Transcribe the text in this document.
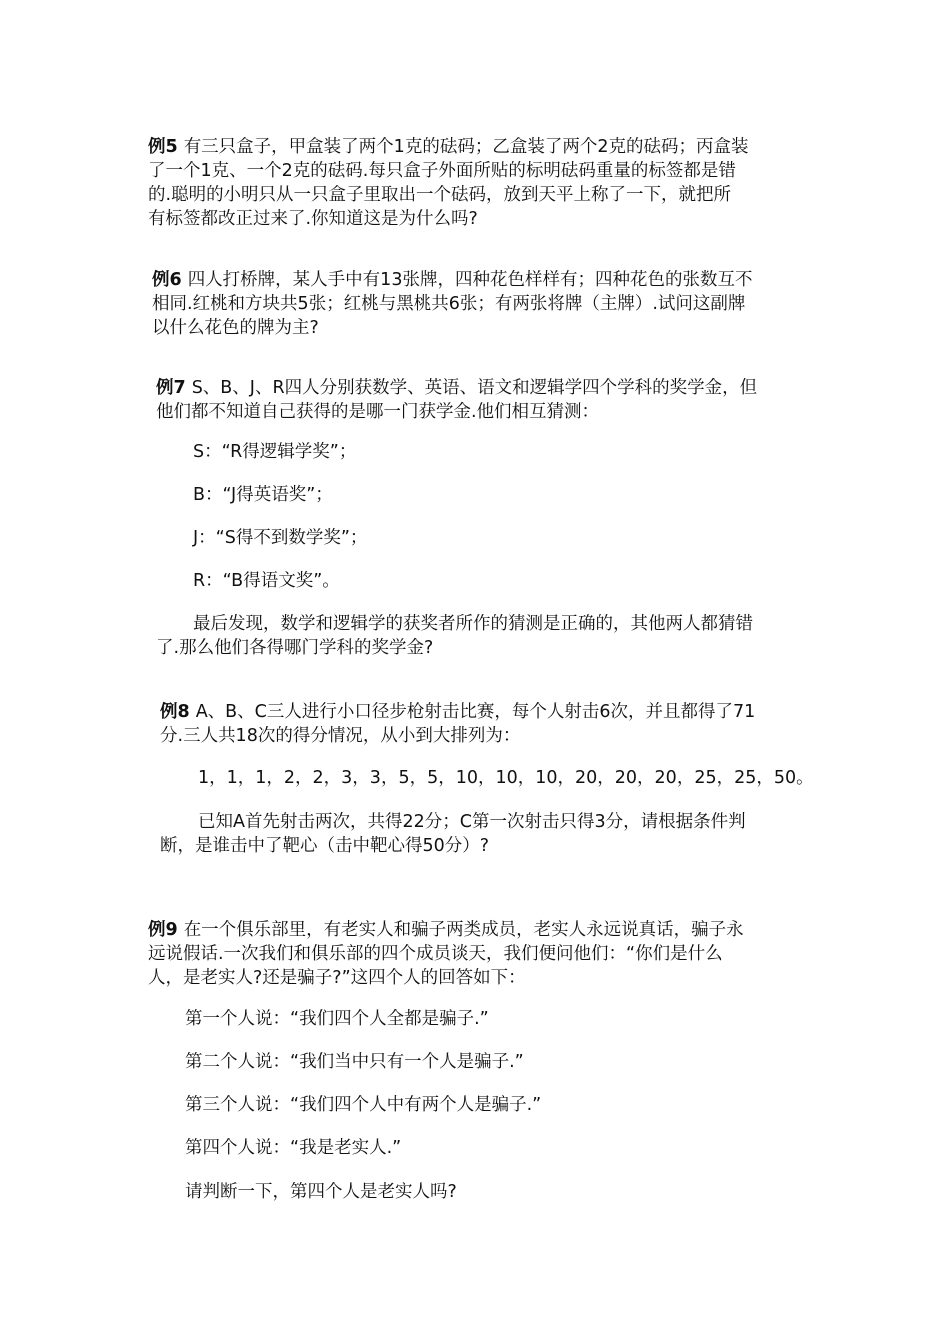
例5 有三只盒子，甲盒装了两个1克的砝码；乙盒装了两个2克的砝码；丙盒装
了一个1克、一个2克的砝码.每只盒子外面所贴的标明砝码重量的标签都是错
的.聪明的小明只从一只盒子里取出一个砝码，放到天平上称了一下，就把所
有标签都改正过来了.你知道这是为什么吗?
例6 四人打桥牌，某人手中有13张牌，四种花色样样有；四种花色的张数互不
相同.红桃和方块共5张；红桃与黑桃共6张；有两张将牌（主牌）.试问这副牌
以什么花色的牌为主?
例7 S、B、J、R四人分别获数学、英语、语文和逻辑学四个学科的奖学金，但
他们都不知道自己获得的是哪一门获学金.他们相互猜测：
S：“R得逻辑学奖”；
B：“J得英语奖”；
J：“S得不到数学奖”；
R：“B得语文奖”。
最后发现，数学和逻辑学的获奖者所作的猜测是正确的，其他两人都猜错
了.那么他们各得哪门学科的奖学金?
例8 A、B、C三人进行小口径步枪射击比赛，每个人射击6次，并且都得了71
分.三人共18次的得分情况，从小到大排列为：
1，1，1，2，2，3，3，5，5，10，10，10，20，20，20，25，25，50。
已知A首先射击两次，共得22分；C第一次射击只得3分，请根据条件判
断，是谁击中了靶心（击中靶心得50分）?
例9 在一个俱乐部里，有老实人和骗子两类成员，老实人永远说真话，骗子永
远说假话.一次我们和俱乐部的四个成员谈天，我们便问他们：“你们是什么
人，是老实人?还是骗子?”这四个人的回答如下：
第一个人说：“我们四个人全都是骗子.”
第二个人说：“我们当中只有一个人是骗子.”
第三个人说：“我们四个人中有两个人是骗子.”
第四个人说：“我是老实人.”
请判断一下，第四个人是老实人吗?
